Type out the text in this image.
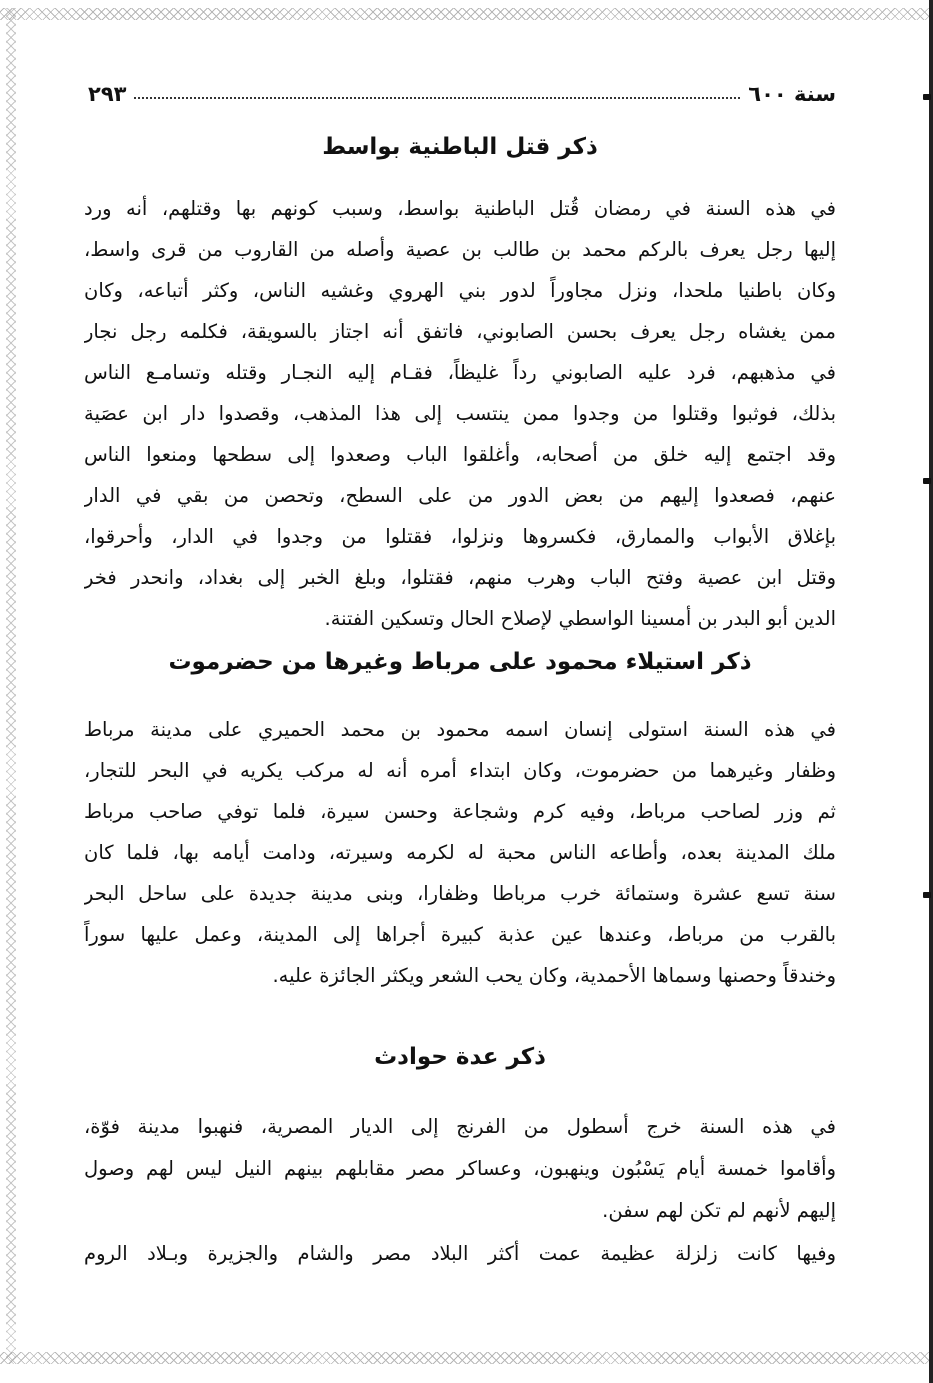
سنة ٦٠٠
٢٩٣
ذكر قتل الباطنية بواسط
في هذه السنة في رمضان قُتل الباطنية بواسط، وسبب كونهم بها وقتلهم، أنه ورد
إليها رجل يعرف بالركم محمد بن طالب بن عصية وأصله من القاروب من قرى واسط،
وكان باطنيا ملحدا، ونزل مجاوراً لدور بني الهروي وغشيه الناس، وكثر أتباعه، وكان
ممن يغشاه رجل يعرف بحسن الصابوني، فاتفق أنه اجتاز بالسويقة، فكلمه رجل نجار
في مذهبهم، فرد عليه الصابوني رداً غليظاً، فقـام إليه النجـار وقتله وتسامـع الناس
بذلك، فوثبوا وقتلوا من وجدوا ممن ينتسب إلى هذا المذهب، وقصدوا دار ابن عصَية
وقد اجتمع إليه خلق من أصحابه، وأغلقوا الباب وصعدوا إلى سطحها ومنعوا الناس
عنهم، فصعدوا إليهم من بعض الدور من على السطح، وتحصن من بقي في الدار
بإغلاق الأبواب والممارق، فكسروها ونزلوا، فقتلوا من وجدوا في الدار، وأحرقوا،
وقتل ابن عصية وفتح الباب وهرب منهم، فقتلوا، وبلغ الخبر إلى بغداد، وانحدر فخر
الدين أبو البدر بن أمسينا الواسطي لإصلاح الحال وتسكين الفتنة.
ذكر استيلاء محمود على مرباط وغيرها من حضرموت
في هذه السنة استولى إنسان اسمه محمود بن محمد الحميري على مدينة مرباط
وظفار وغيرهما من حضرموت، وكان ابتداء أمره أنه له مركب يكريه في البحر للتجار،
ثم وزر لصاحب مرباط، وفيه كرم وشجاعة وحسن سيرة، فلما توفي صاحب مرباط
ملك المدينة بعده، وأطاعه الناس محبة له لكرمه وسيرته، ودامت أيامه بها، فلما كان
سنة تسع عشرة وستمائة خرب مرباطا وظفارا، وبنى مدينة جديدة على ساحل البحر
بالقرب من مرباط، وعندها عين عذبة كبيرة أجراها إلى المدينة، وعمل عليها سوراً
وخندقاً وحصنها وسماها الأحمدية، وكان يحب الشعر ويكثر الجائزة عليه.
ذكر عدة حوادث
في هذه السنة خرج أسطول من الفرنج إلى الديار المصرية، فنهبوا مدينة فوّة،
وأقاموا خمسة أيام يَسْبُون وينهبون، وعساكر مصر مقابلهم بينهم النيل ليس لهم وصول
إليهم لأنهم لم تكن لهم سفن.
وفيها كانت زلزلة عظيمة عمت أكثر البلاد مصر والشام والجزيرة وبـلاد الروم
